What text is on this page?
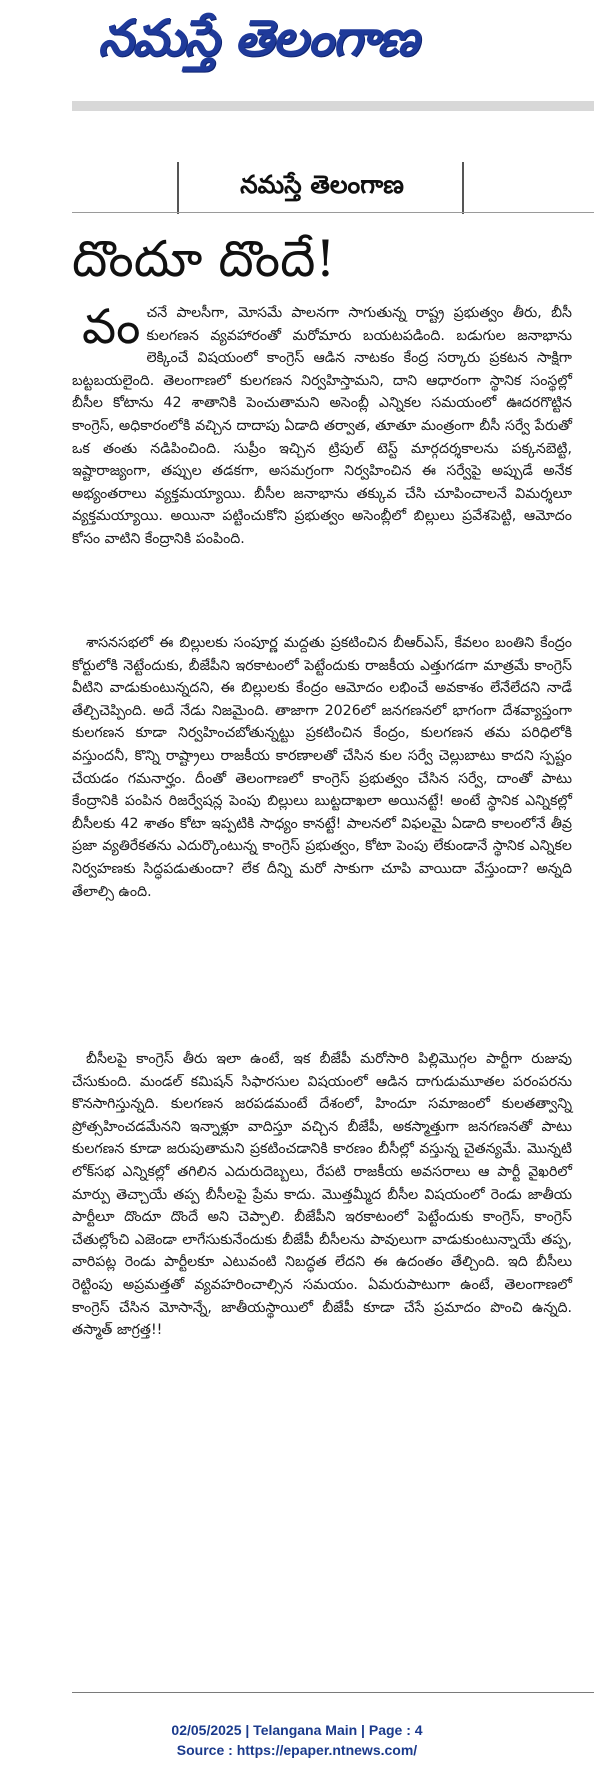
నమస్తే తెలంగాణ
నమస్తే తెలంగాణ
దొందూ దొందే!

వంచనే పాలసీగా, మోసమే పాలనగా సాగుతున్న రాష్ట్ర ప్రభుత్వం తీరు, బీసీ కులగణన వ్యవహారంతో మరోమారు బయటపడింది. బడుగుల జనాభాను లెక్కించే విషయంలో కాంగ్రెస్ ఆడిన నాటకం కేంద్ర సర్కారు ప్రకటన సాక్షిగా బట్టబయలైంది. తెలంగాణలో కులగణన నిర్వహిస్తామని, దాని ఆధారంగా స్థానిక సంస్థల్లో బీసీల కోటాను 42 శాతానికి పెంచుతామని అసెంబ్లీ ఎన్నికల సమయంలో ఊదరగొట్టిన కాంగ్రెస్, అధికారంలోకి వచ్చిన దాదాపు ఏడాది తర్వాత, తూతూ మంత్రంగా బీసీ సర్వే పేరుతో ఒక తంతు నడిపించింది. సుప్రీం ఇచ్చిన ట్రిపుల్ టెస్ట్ మార్గదర్శకాలను పక్కనబెట్టి, ఇష్టారాజ్యంగా, తప్పుల తడకగా, అసమగ్రంగా నిర్వహించిన ఈ సర్వేపై అప్పుడే అనేక అభ్యంతరాలు వ్యక్తమయ్యాయి. బీసీల జనాభాను తక్కువ చేసి చూపించాలనే విమర్శలూ వ్యక్తమయ్యాయి. అయినా పట్టించుకోని ప్రభుత్వం అసెంబ్లీలో బిల్లులు ప్రవేశపెట్టి, ఆమోదం కోసం వాటిని కేంద్రానికి పంపింది.

శాసనసభలో ఈ బిల్లులకు సంపూర్ణ మద్దతు ప్రకటించిన బీఆర్ఎస్, కేవలం బంతిని కేంద్రం కోర్టులోకి నెట్టేందుకు, బీజేపీని ఇరకాటంలో పెట్టేందుకు రాజకీయ ఎత్తుగడగా మాత్రమే కాంగ్రెస్ వీటిని వాడుకుంటున్నదని, ఈ బిల్లులకు కేంద్రం ఆమోదం లభించే అవకాశం లేనేలేదని నాడే తేల్చిచెప్పింది. అదే నేడు నిజమైంది. తాజాగా 2026లో జనగణనలో భాగంగా దేశవ్యాప్తంగా కులగణన కూడా నిర్వహించబోతున్నట్టు ప్రకటించిన కేంద్రం, కులగణన తమ పరిధిలోకి వస్తుందనీ, కొన్ని రాష్ట్రాలు రాజకీయ కారణాలతో చేసిన కుల సర్వే చెల్లుబాటు కాదని స్పష్టం చేయడం గమనార్హం. దీంతో తెలంగాణలో కాంగ్రెస్ ప్రభుత్వం చేసిన సర్వే, దాంతో పాటు కేంద్రానికి పంపిన రిజర్వేషన్ల పెంపు బిల్లులు బుట్టదాఖలా అయినట్టే! అంటే స్థానిక ఎన్నికల్లో బీసీలకు 42 శాతం కోటా ఇప్పటికి సాధ్యం కానట్టే! పాలనలో విఫలమై ఏడాది కాలంలోనే తీవ్ర ప్రజా వ్యతిరేకతను ఎదుర్కొంటున్న కాంగ్రెస్ ప్రభుత్వం, కోటా పెంపు లేకుండానే స్థానిక ఎన్నికల నిర్వహణకు సిద్ధపడుతుందా? లేక దీన్ని మరో సాకుగా చూపి వాయిదా వేస్తుందా? అన్నది తేలాల్సి ఉంది.

బీసీలపై కాంగ్రెస్ తీరు ఇలా ఉంటే, ఇక బీజేపీ మరోసారి పిల్లిమొగ్గల పార్టీగా రుజువు చేసుకుంది. మండల్ కమిషన్ సిఫారసుల విషయంలో ఆడిన దాగుడుమూతల పరంపరను కొనసాగిస్తున్నది. కులగణన జరపడమంటే దేశంలో, హిందూ సమాజంలో కులతత్వాన్ని ప్రోత్సహించడమేనని ఇన్నాళ్లూ వాదిస్తూ వచ్చిన బీజేపీ, అకస్మాత్తుగా జనగణనతో పాటు కులగణన కూడా జరుపుతామని ప్రకటించడానికి కారణం బీసీల్లో వస్తున్న చైతన్యమే. మొన్నటి లోక్‌సభ ఎన్నికల్లో తగిలిన ఎదురుదెబ్బలు, రేపటి రాజకీయ అవసరాలు ఆ పార్టీ వైఖరిలో మార్పు తెచ్చాయే తప్ప బీసీలపై ప్రేమ కాదు. మొత్తమ్మీద బీసీల విషయంలో రెండు జాతీయ పార్టీలూ దొందూ దొందే అని చెప్పాలి. బీజేపీని ఇరకాటంలో పెట్టేందుకు కాంగ్రెస్, కాంగ్రెస్ చేతుల్లోంచి ఎజెండా లాగేసుకునేందుకు బీజేపీ బీసీలను పావులుగా వాడుకుంటున్నాయే తప్ప, వారిపట్ల రెండు పార్టీలకూ ఎటువంటి నిబద్ధత లేదని ఈ ఉదంతం తేల్చింది. ఇది బీసీలు రెట్టింపు అప్రమత్తతో వ్యవహరించాల్సిన సమయం. ఏమరుపాటుగా ఉంటే, తెలంగాణలో కాంగ్రెస్ చేసిన మోసాన్నే, జాతీయస్థాయిలో బీజేపీ కూడా చేసే ప్రమాదం పొంచి ఉన్నది. తస్మాత్ జాగ్రత్త!!

02/05/2025 | Telangana Main | Page : 4
Source : https://epaper.ntnews.com/
